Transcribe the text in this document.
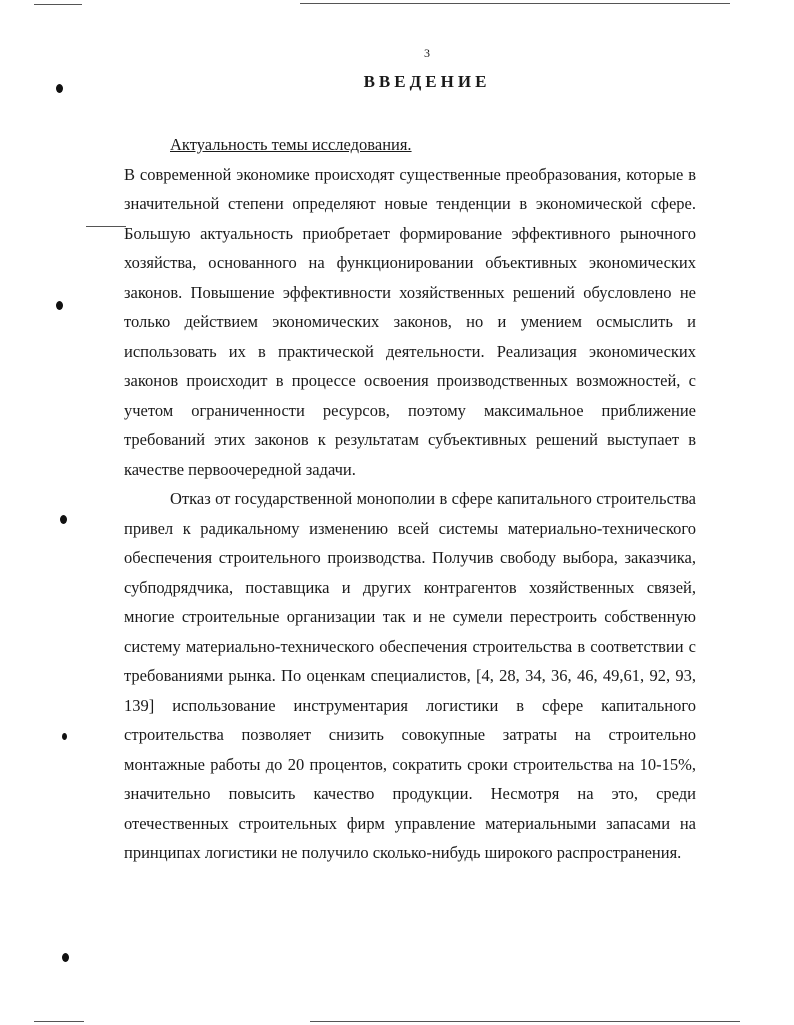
3
ВВЕДЕНИЕ

Актуальность темы исследования.

В современной экономике происходят существенные преобразования, которые в значительной степени определяют новые тенденции в экономической сфере. Большую актуальность приобретает формирование эффективного рыночного хозяйства, основанного на функционировании объективных экономических законов. Повышение эффективности хозяйственных решений обусловлено не только действием экономических законов, но и умением осмыслить и использовать их в практической деятельности. Реализация экономических законов происходит в процессе освоения производственных возможностей, с учетом ограниченности ресурсов, поэтому максимальное приближение требований этих законов к результатам субъективных решений выступает в качестве первоочередной задачи.

Отказ от государственной монополии в сфере капитального строительства привел к радикальному изменению всей системы материально-технического обеспечения строительного производства. Получив свободу выбора, заказчика, субподрядчика, поставщика и других контрагентов хозяйственных связей, многие строительные организации так и не сумели перестроить собственную систему материально-технического обеспечения строительства в соответствии с требованиями рынка. По оценкам специалистов, [4, 28, 34, 36, 46, 49,61, 92, 93, 139] использование инструментария логистики в сфере капитального строительства позволяет снизить совокупные затраты на строительно монтажные работы до 20 процентов, сократить сроки строительства на 10-15%, значительно повысить качество продукции. Несмотря на это, среди отечественных строительных фирм управление материальными запасами на принципах логистики не получило сколько-нибудь широкого распространения.
